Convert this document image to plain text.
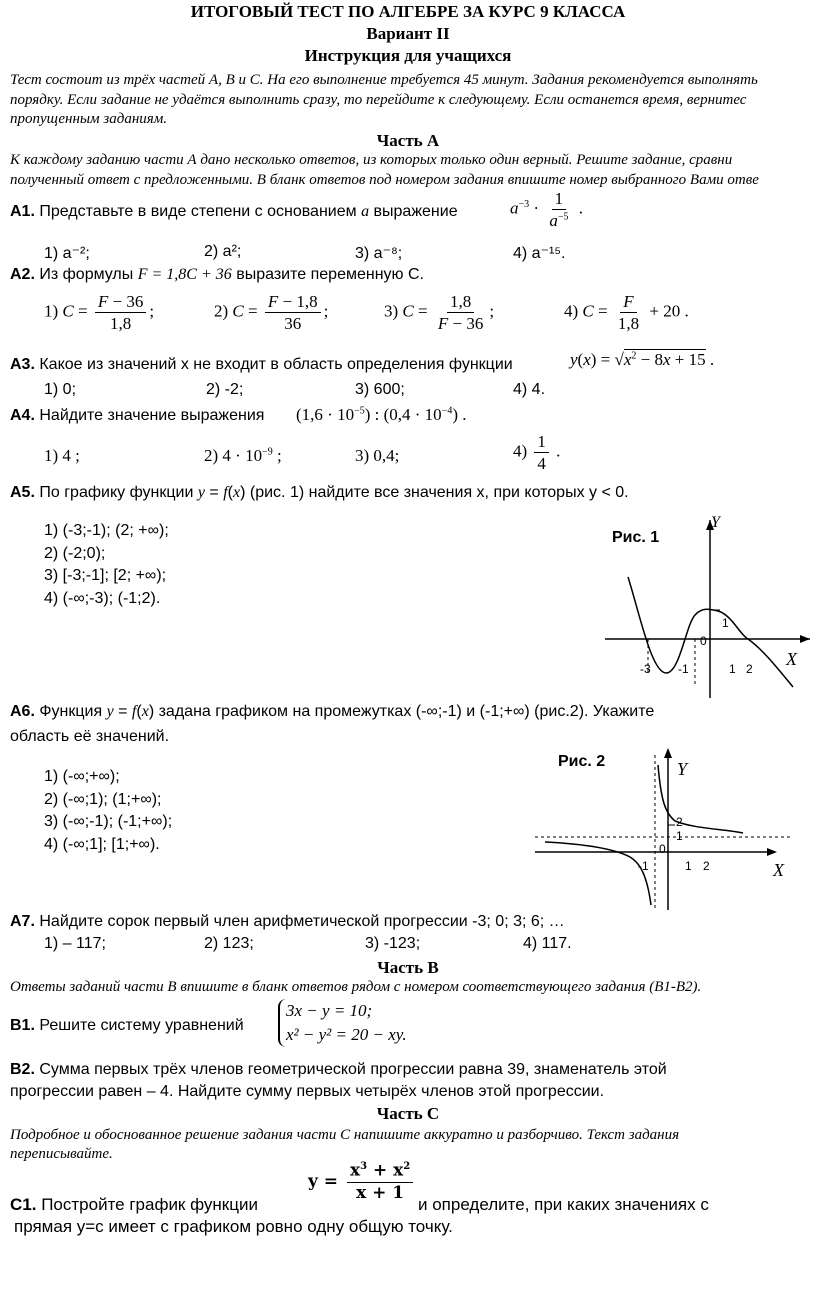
ИТОГОВЫЙ ТЕСТ ПО АЛГЕБРЕ ЗА КУРС 9 КЛАССА
Вариант II
Инструкция для учащихся
Тест состоит из трёх частей А, В и С. На его выполнение требуется 45 минут. Задания рекомендуется выполнять
порядку. Если задание не удаётся выполнить сразу, то перейдите к следующему. Если останется время, вернитес
пропущенным заданиям.
Часть А
К каждому заданию части А дано несколько ответов, из которых только один верный. Решите задание, сравни
полученный ответ с предложенными. В бланк ответов под номером задания впишите номер выбранного Вами отве
А1. Представьте в виде степени с основанием a выражение	$a^{-3} \cdot \frac{1}{a^{-5}}$ .
1) a⁻²;	2) a²;	3) a⁻⁸;	4) a⁻¹⁵.
А2. Из формулы F = 1,8C + 36 выразите переменную C.
1) $C = \frac{F - 36}{1,8}$ ;	2) $C = \frac{F - 1,8}{36}$ ;	3) $C = \frac{1,8}{F - 36}$ ;	4) $C = \frac{F}{1,8} + 20$ .
А3. Какое из значений x не входит в область определения функции	$y(x) = √x^2 - 8x + 15$ .
1) 0;	2) -2;	3) 600;	4) 4.
А4. Найдите значение выражения $(1,6 \cdot 10^{-5})$ : $(0,4 \cdot 10^{-4})$ .
1) 4 ;	2) $4 \cdot 10^{-9}$ ;	3) 0,4;	$4) \frac{1}{4}$ .
А5. По графику функции y = f(x) (рис. 1) найдите все значения x, при которых y < 0.
1) (-3;-1); (2; +∞);
2) (-2;0);
3) [-3;-1]; [2; +∞);
4) (-∞;-3); (-1;2).
Рис. 1
Y
X
-3 -1	1 2
1
0
А6. Функция y = f(x) задана графиком на промежутках (-∞;-1) и (-1;+∞) (рис.2). Укажите
область её значений.
1) (-∞;+∞);
2) (-∞;1); (1;+∞);
3) (-∞;-1); (-1;+∞);
4) (-∞;1]; [1;+∞).
Рис. 2	Y
X
-1	1 2
2
1
0
А7. Найдите сорок первый член арифметической прогрессии -3; 0; 3; 6; …
1) – 117;	2) 123;	3) -123;	4) 117.
Часть В
Ответы заданий части В впишите в бланк ответов рядом с номером соответствующего задания (В1-В2).
В1. Решите систему уравнений
3x − y = 10;
x² − y² = 20 − xy.
В2. Сумма первых трёх членов геометрической прогрессии равна 39, знаменатель этой
прогрессии равен – 4. Найдите сумму первых четырёх членов этой прогрессии.
Часть С
Подробное и обоснованное решение задания части С напишите аккуратно и разборчиво. Текст задания
переписывайте.
С1. Постройте график функции
$y = \frac{x^3 + x^2}{x + 1}$
и определите, при каких значениях с
прямая у=с имеет с графиком ровно одну общую точку.
